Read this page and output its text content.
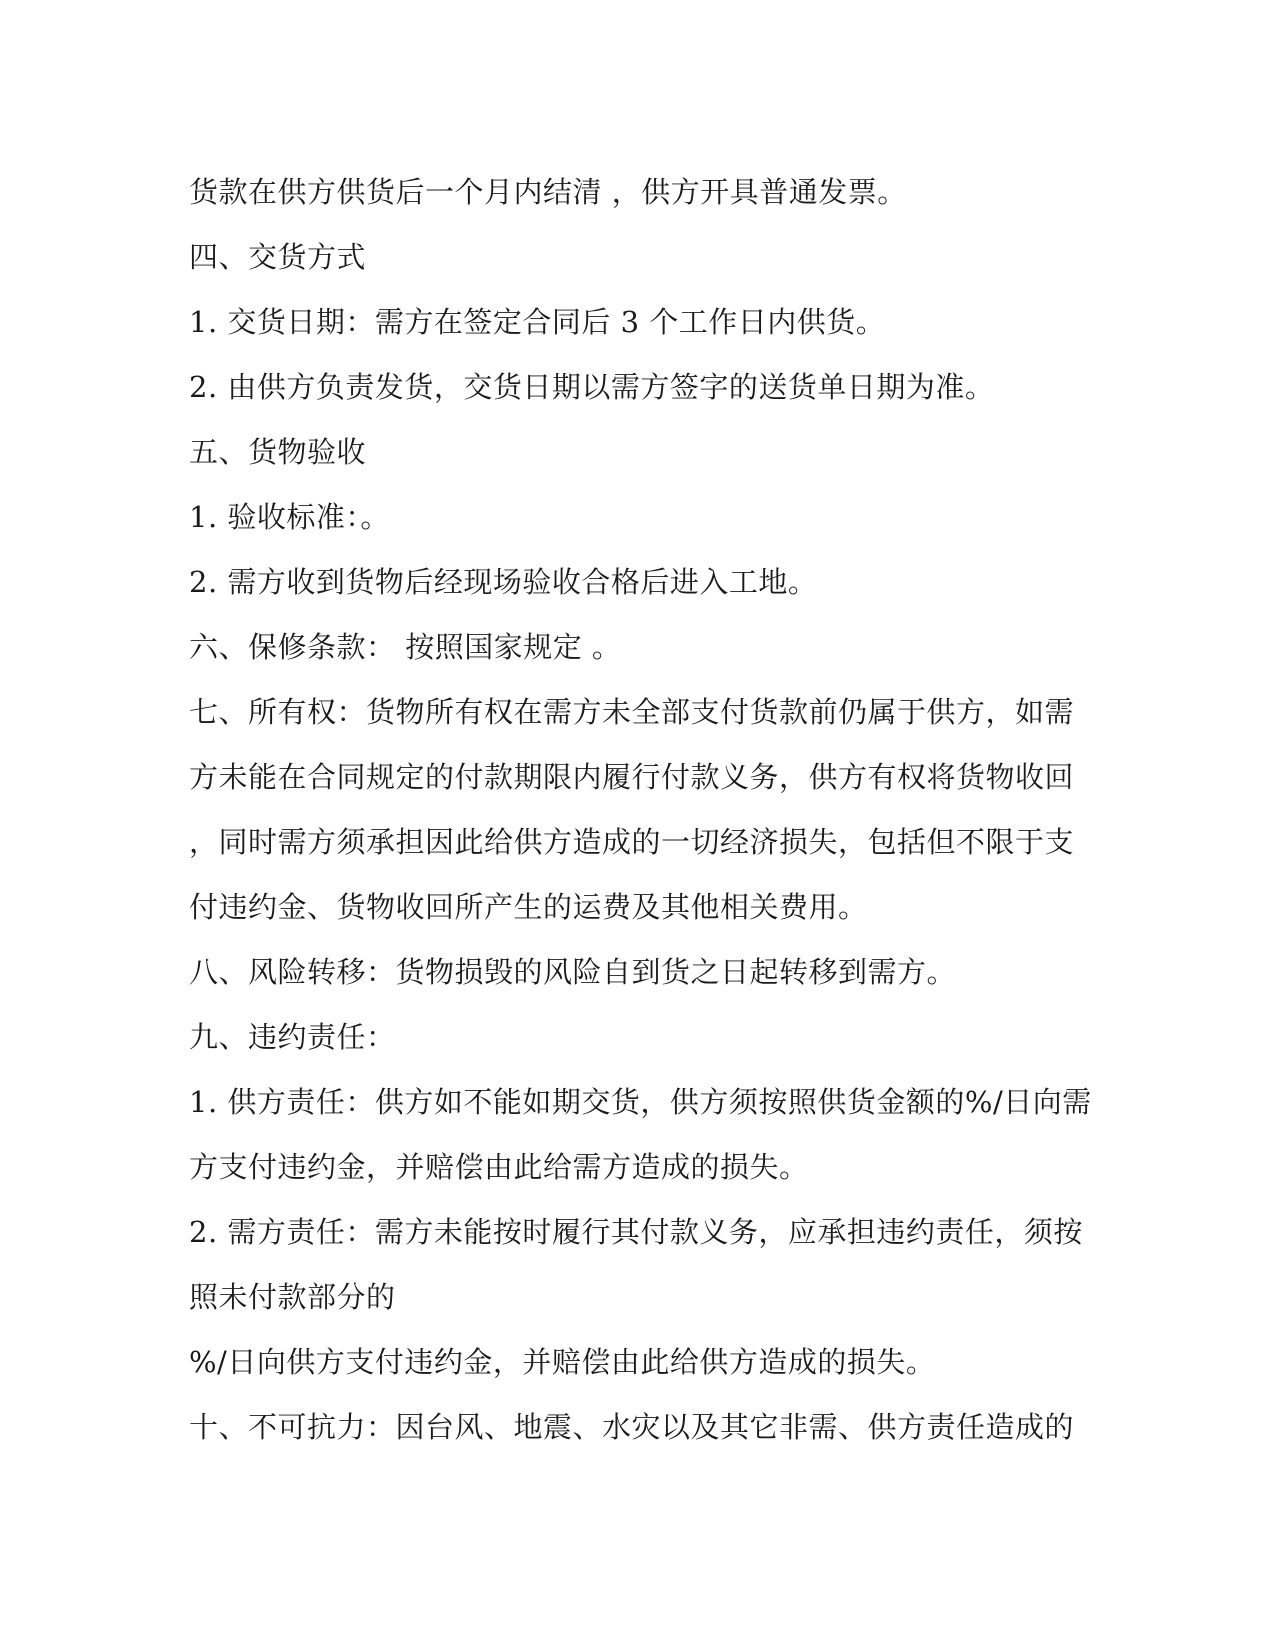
货款在供方供货后一个月内结清 ，供方开具普通发票。
四、交货方式
1. 交货日期：需方在签定合同后 3 个工作日内供货。
2. 由供方负责发货，交货日期以需方签字的送货单日期为准。
五、货物验收
1. 验收标准：。
2. 需方收到货物后经现场验收合格后进入工地。
六、保修条款： 按照国家规定 。
七、所有权：货物所有权在需方未全部支付货款前仍属于供方，如需
方未能在合同规定的付款期限内履行付款义务，供方有权将货物收回
，同时需方须承担因此给供方造成的一切经济损失，包括但不限于支
付违约金、货物收回所产生的运费及其他相关费用。
八、风险转移：货物损毁的风险自到货之日起转移到需方。
九、违约责任：
1. 供方责任：供方如不能如期交货，供方须按照供货金额的%/日向需
方支付违约金，并赔偿由此给需方造成的损失。
2. 需方责任：需方未能按时履行其付款义务，应承担违约责任，须按
照未付款部分的
%/日向供方支付违约金，并赔偿由此给供方造成的损失。
十、不可抗力：因台风、地震、水灾以及其它非需、供方责任造成的
